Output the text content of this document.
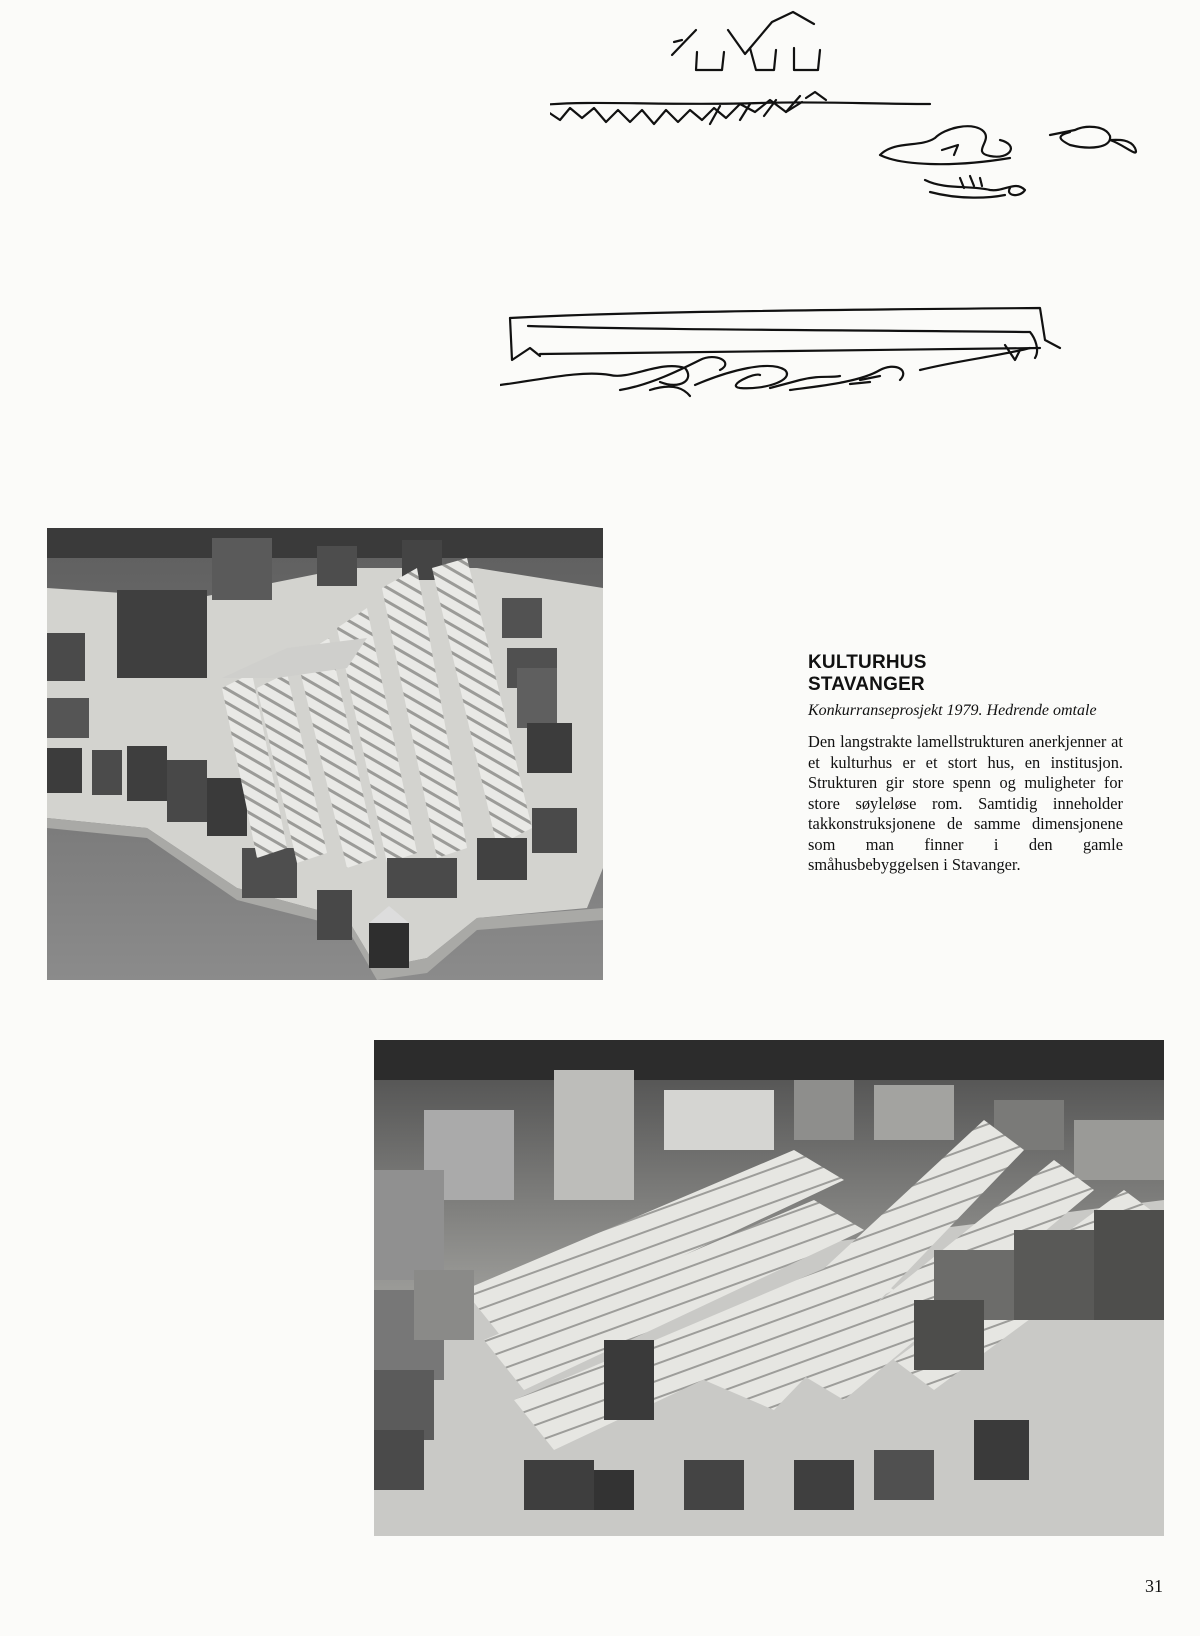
KULTURHUS

STAVANGER

Konkurranseprosjekt 1979. Hedrende omtale

Den langstrakte lamellstrukturen anerkjenner at et kulturhus er et stort hus, en institusjon. Strukturen gir store spenn og muligheter for store søyleløse rom. Samtidig inneholder takkonstruksjonene de samme dimensjonene som man finner i den gamle småhusbebyggelsen i Stavanger.

31
